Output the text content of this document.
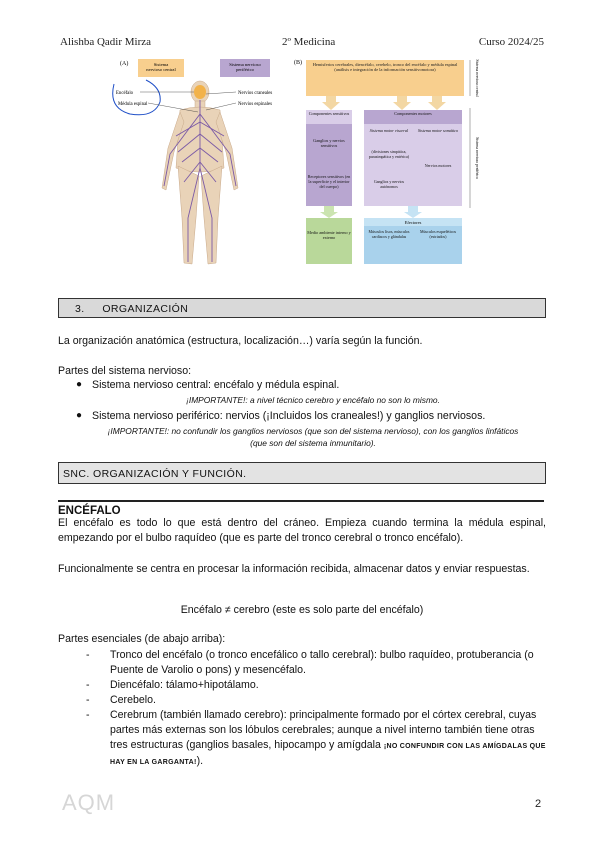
Alishba Qadir Mirza	2º Medicina	Curso 2024/25
(A)	Sistema nervioso central
Sistema nervioso periférico
Encéfalo
Médula espinal
Nervios craneales
Nervios espinales
(B)	Hemisferios cerebrales, diencéfalo, cerebelo, tronco del encéfalo y médula espinal (análisis e integración de la información sensitivomotora)	Sistema nervioso central
Sistema nervioso periférico
Componentes sensitivos
Ganglios y nervios sensitivos
Receptores sensitivos (en la superficie y el interior del cuerpo)
Componentes motores
Sistema motor visceral	Sistema motor somático
(divisiones simpática, parasimpática y entérica)
Nervios motores
Ganglios y nervios autónomos
Efectores
Músculos lisos, músculos cardiacos y glándulas
Músculos esqueléticos (estriados)
Medio ambiente interno y externo
3. ORGANIZACIÓN
La organización anatómica (estructura, localización…) varía según la función.
Partes del sistema nervioso:
● Sistema nervioso central: encéfalo y médula espinal.
¡IMPORTANTE!: a nivel técnico cerebro y encéfalo no son lo mismo.
● Sistema nervioso periférico: nervios (¡Incluidos los craneales!) y ganglios nerviosos.
¡IMPORTANTE!: no confundir los ganglios nerviosos (que son del sistema nervioso), con los ganglios linfáticos (que son del sistema inmunitario).
SNC. ORGANIZACIÓN Y FUNCIÓN.
ENCÉFALO
El encéfalo es todo lo que está dentro del cráneo. Empieza cuando termina la médula espinal, empezando por el bulbo raquídeo (que es parte del tronco cerebral o tronco encéfalo).
Funcionalmente se centra en procesar la información recibida, almacenar datos y enviar respuestas.
Encéfalo ≠ cerebro (este es solo parte del encéfalo)
Partes esenciales (de abajo arriba):
- Tronco del encéfalo (o tronco encefálico o tallo cerebral): bulbo raquídeo, protuberancia (o Puente de Varolio o pons) y mesencéfalo.
- Diencéfalo: tálamo+hipotálamo.
- Cerebelo.
- Cerebrum (también llamado cerebro): principalmente formado por el córtex cerebral, cuyas partes más externas son los lóbulos cerebrales; aunque a nivel interno también tiene otras tres estructuras (ganglios basales, hipocampo y amígdala ¡NO CONFUNDIR CON LAS AMÍGDALAS QUE HAY EN LA GARGANTA!).
AQM	2
